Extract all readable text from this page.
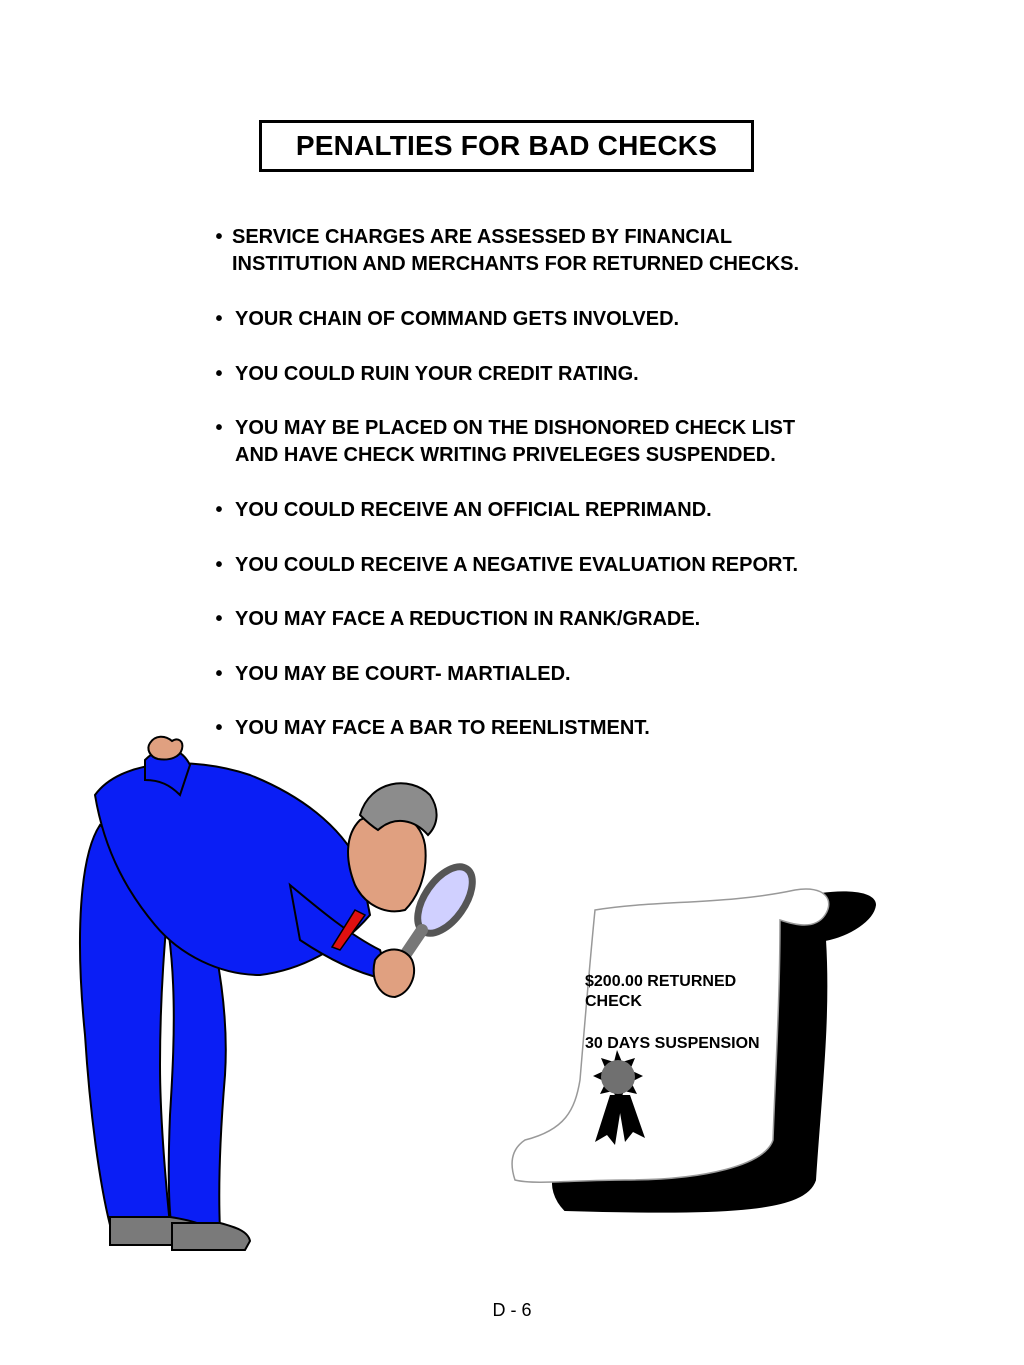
PENALTIES FOR BAD CHECKS
• SERVICE CHARGES ARE ASSESSED BY FINANCIAL
INSTITUTION AND MERCHANTS FOR RETURNED CHECKS.
• YOUR CHAIN OF COMMAND GETS INVOLVED.
• YOU COULD RUIN YOUR CREDIT RATING.
• YOU MAY BE PLACED ON THE DISHONORED CHECK LIST
AND HAVE CHECK WRITING PRIVELEGES SUSPENDED.
• YOU COULD RECEIVE AN OFFICIAL REPRIMAND.
• YOU COULD RECEIVE A NEGATIVE EVALUATION REPORT.
• YOU MAY FACE A REDUCTION IN RANK/GRADE.
• YOU MAY BE COURT- MARTIALED.
• YOU MAY FACE A BAR TO REENLISTMENT.
$200.00 RETURNED
CHECK
30 DAYS SUSPENSION
D - 6
